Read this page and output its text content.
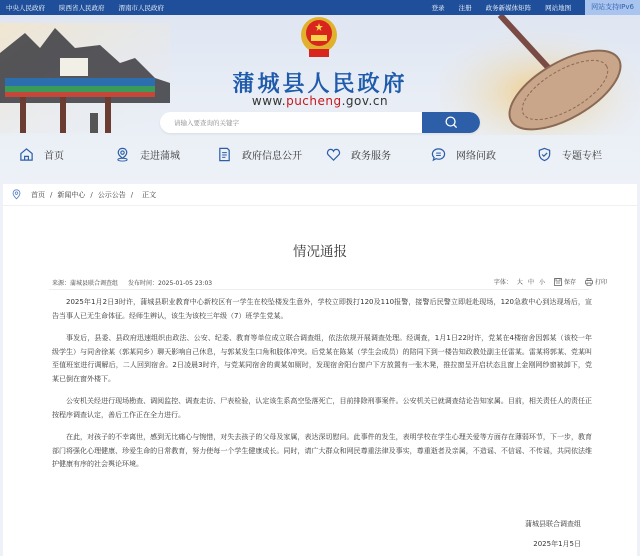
中央人民政府 陕西省人民政府 渭南市人民政府	登录 注册 政务新媒体矩阵 网站地图	网站支持IPv6
蒲城县人民政府
www.pucheng.gov.cn
请输入要查询的关键字
首页	走进蒲城	政府信息公开	政务服务	网络问政	专题专栏
首页 / 新闻中心 / 公示公告 / 正文
情况通报
来源：蒲城县联合调查组 发布时间：2025-01-05 23:03	字体： 大 中 小	保存	打印

2025年1月2日3时许，蒲城县职业教育中心新校区有一学生在校坠楼发生意外，学校立即拨打120及110报警，接警后民警立即赶赴现场，120急救中心到达现场后，宣告当事人已无生命体征。经师生辨认，该生为该校三年级（7）班学生党某。

事发后，县委、县政府迅速组织由政法、公安、纪委、教育等单位成立联合调查组，依法依规开展调查处理。经调查，1月1日22时许，党某在4楼宿舍因郭某（该校一年级学生）与同舍徐某（郭某同乡）聊天影响自己休息，与郭某发生口角和肢体冲突。后党某在陈某（学生会成员）的陪同下到一楼告知政教处副主任雷某。雷某将郭某、党某叫至值班室进行调解后，二人回到宿舍。2日凌晨3时许，与党某同宿舍的黄某如厕时，发现宿舍阳台窗户下方放置有一张木凳，推拉窗呈开启状态且窗上金刚网纱窗被卸下，党某已倒在窗外楼下。

公安机关经进行现场勘查、调阅监控、调查走访、尸表检验，认定该生系高空坠落死亡，目前排除刑事案件。公安机关已就调查结论告知家属。目前，相关责任人的责任正按程序调查认定，善后工作正在全力进行。

在此，对孩子的不幸离世，感到无比痛心与惋惜，对失去孩子的父母及家属，表达深切慰问。此事件的发生，表明学校在学生心理关爱等方面存在薄弱环节，下一步，教育部门将强化心理健康、珍爱生命的日常教育，努力使每一个学生健康成长。同时，请广大群众和网民尊重法律及事实，尊重逝者及亲属，不造谣、不信谣、不传谣，共同依法维护健康有序的社会舆论环境。

蒲城县联合调查组
2025年1月5日
